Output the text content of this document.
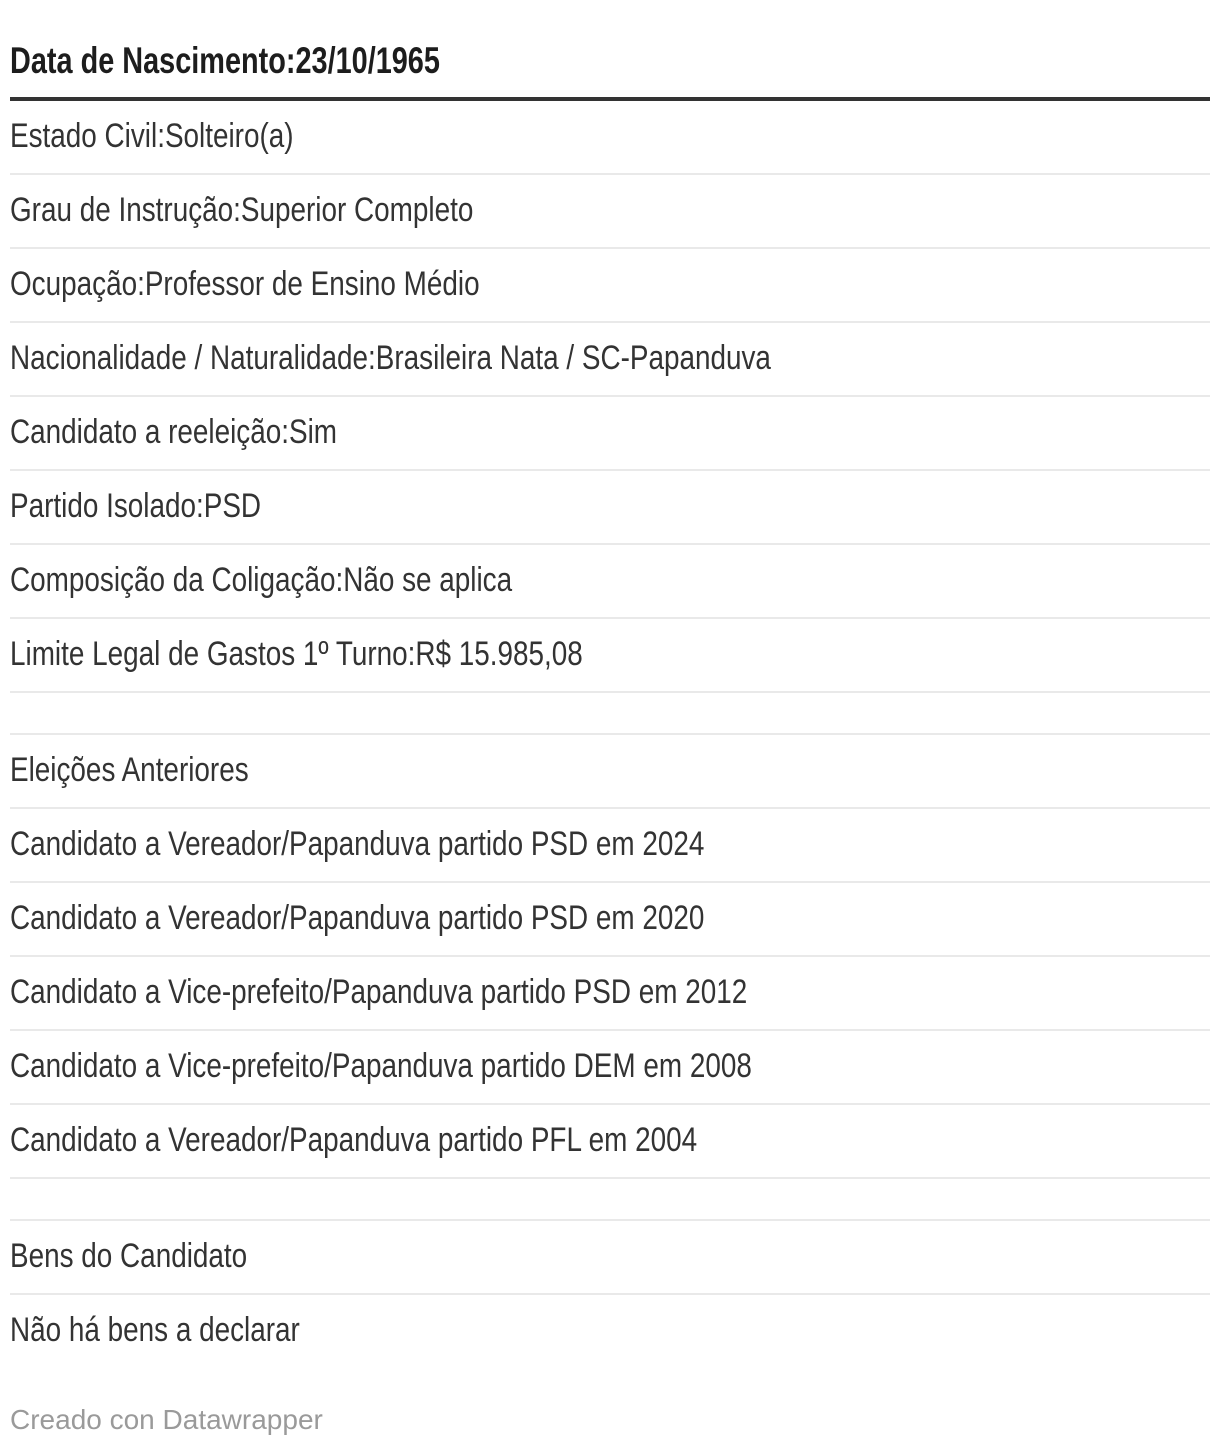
Data de Nascimento:23/10/1965
Estado Civil:Solteiro(a)
Grau de Instrução:Superior Completo
Ocupação:Professor de Ensino Médio
Nacionalidade / Naturalidade:Brasileira Nata / SC-Papanduva
Candidato a reeleição:Sim
Partido Isolado:PSD
Composição da Coligação:Não se aplica
Limite Legal de Gastos 1º Turno:R$ 15.985,08
Eleições Anteriores
Candidato a Vereador/Papanduva partido PSD em 2024
Candidato a Vereador/Papanduva partido PSD em 2020
Candidato a Vice-prefeito/Papanduva partido PSD em 2012
Candidato a Vice-prefeito/Papanduva partido DEM em 2008
Candidato a Vereador/Papanduva partido PFL em 2004
Bens do Candidato
Não há bens a declarar
Creado con Datawrapper
